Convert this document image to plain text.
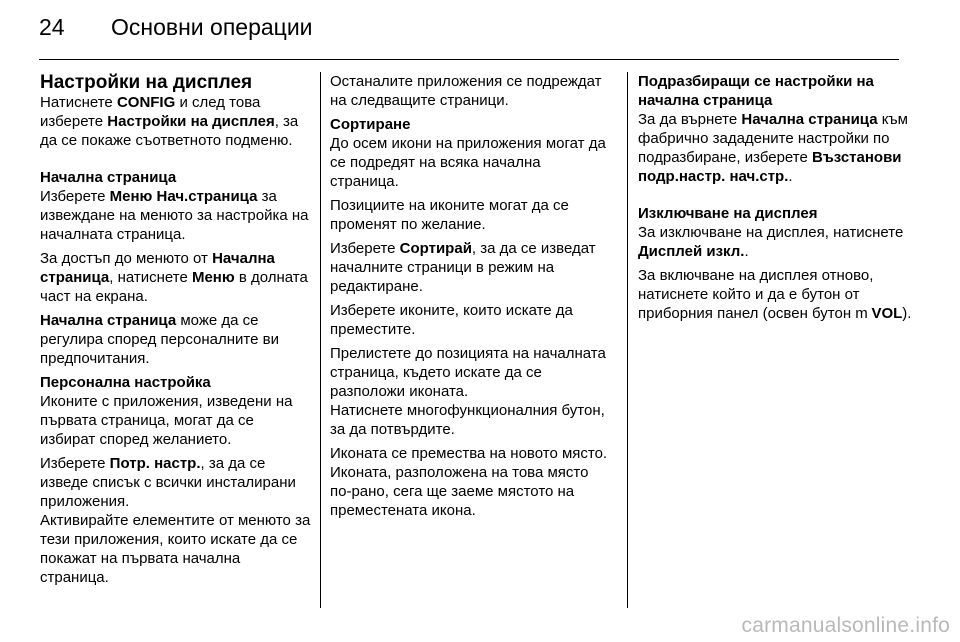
24 Основни операции
Настройки на дисплея

Натиснете CONFIG и след това изберете Настройки на дисплея, за да се покаже съответното подменю.

Начална страница

Изберете Меню Нач.страница за извеждане на менюто за настройка на началната страница.

За достъп до менюто от Начална страница, натиснете Меню в долната част на екрана.

Начална страница може да се регулира според персоналните ви предпочитания.

Персонална настройка

Иконите с приложения, изведени на първата страница, могат да се избират според желанието.

Изберете Потр. настр., за да се изведе списък с всички инсталирани приложения.

Активирайте елементите от менюто за тези приложения, които искате да се покажат на първата начална страница.

Останалите приложения се подреждат на следващите страници.

Сортиране

До осем икони на приложения могат да се подредят на всяка начална страница.

Позициите на иконите могат да се променят по желание.

Изберете Сортирай, за да се изведат началните страници в режим на редактиране.

Изберете иконите, които искате да преместите.

Прелистете до позицията на началната страница, където искате да се разположи иконата.

Натиснете многофункционалния бутон, за да потвърдите.

Иконата се премества на новото място. Иконата, разположена на това място по-рано, сега ще заеме мястото на преместената икона.

Подразбиращи се настройки на начална страница

За да върнете Начална страница към фабрично зададените настройки по подразбиране, изберете Възстанови подр.настр. нач.стр..

Изключване на дисплея

За изключване на дисплея, натиснете Дисплей изкл..

За включване на дисплея отново, натиснете който и да е бутон от приборния панел (освен бутон m VOL).

carmanualsonline.info
